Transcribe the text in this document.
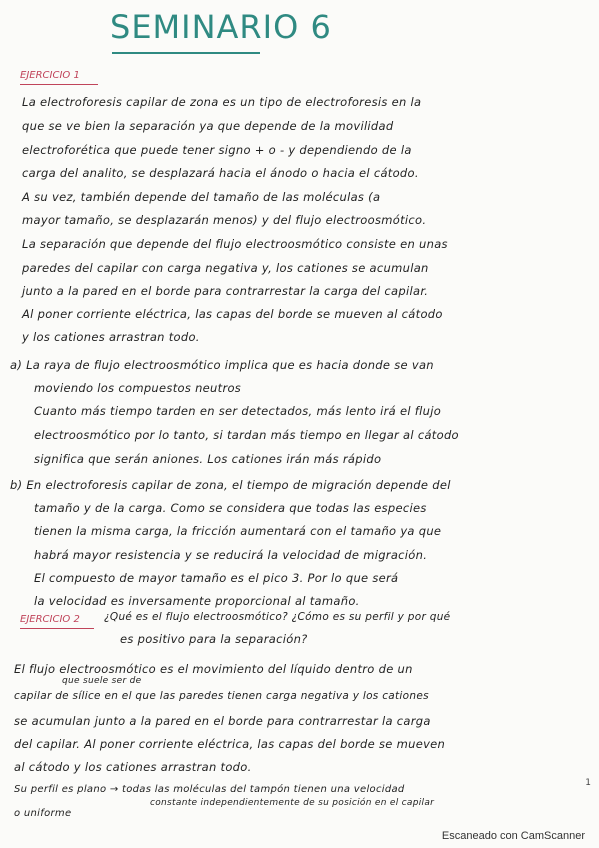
SEMINARIO 6
EJERCICIO 1
La electroforesis capilar de zona es un tipo de electroforesis en la
que se ve bien la separación ya que depende de la movilidad
electroforética que puede tener signo + o - y dependiendo de la
carga del analito, se desplazará hacia el ánodo o hacia el cátodo.
A su vez, también depende del tamaño de las moléculas (a
mayor tamaño, se desplazarán menos) y del flujo electroosmótico.
La separación que depende del flujo electroosmótico consiste en unas
paredes del capilar con carga negativa y, los cationes se acumulan
junto a la pared en el borde para contrarrestar la carga del capilar.
Al poner corriente eléctrica, las capas del borde se mueven al cátodo
y los cationes arrastran todo.
a) La raya de flujo electroosmótico implica que es hacia donde se van
moviendo los compuestos neutros
Cuanto más tiempo tarden en ser detectados, más lento irá el flujo
electroosmótico por lo tanto, si tardan más tiempo en llegar al cátodo
significa que serán aniones. Los cationes irán más rápido
b) En electroforesis capilar de zona, el tiempo de migración depende del
tamaño y de la carga. Como se considera que todas las especies
tienen la misma carga, la fricción aumentará con el tamaño ya que
habrá mayor resistencia y se reducirá la velocidad de migración.
El compuesto de mayor tamaño es el pico 3. Por lo que será
la velocidad es inversamente proporcional al tamaño.
EJERCICIO 2 ¿Qué es el flujo electroosmótico? ¿Cómo es su perfil y por qué
es positivo para la separación?
El flujo electroosmótico es el movimiento del líquido dentro de un
que suele ser de
capilar de sílice en el que las paredes tienen carga negativa y los cationes
se acumulan junto a la pared en el borde para contrarrestar la carga
del capilar. Al poner corriente eléctrica, las capas del borde se mueven
al cátodo y los cationes arrastran todo.
Su perfil es plano → todas las moléculas del tampón tienen una velocidad
constante independientemente de su posición en el capilar
o uniforme
1
Escaneado con CamScanner
